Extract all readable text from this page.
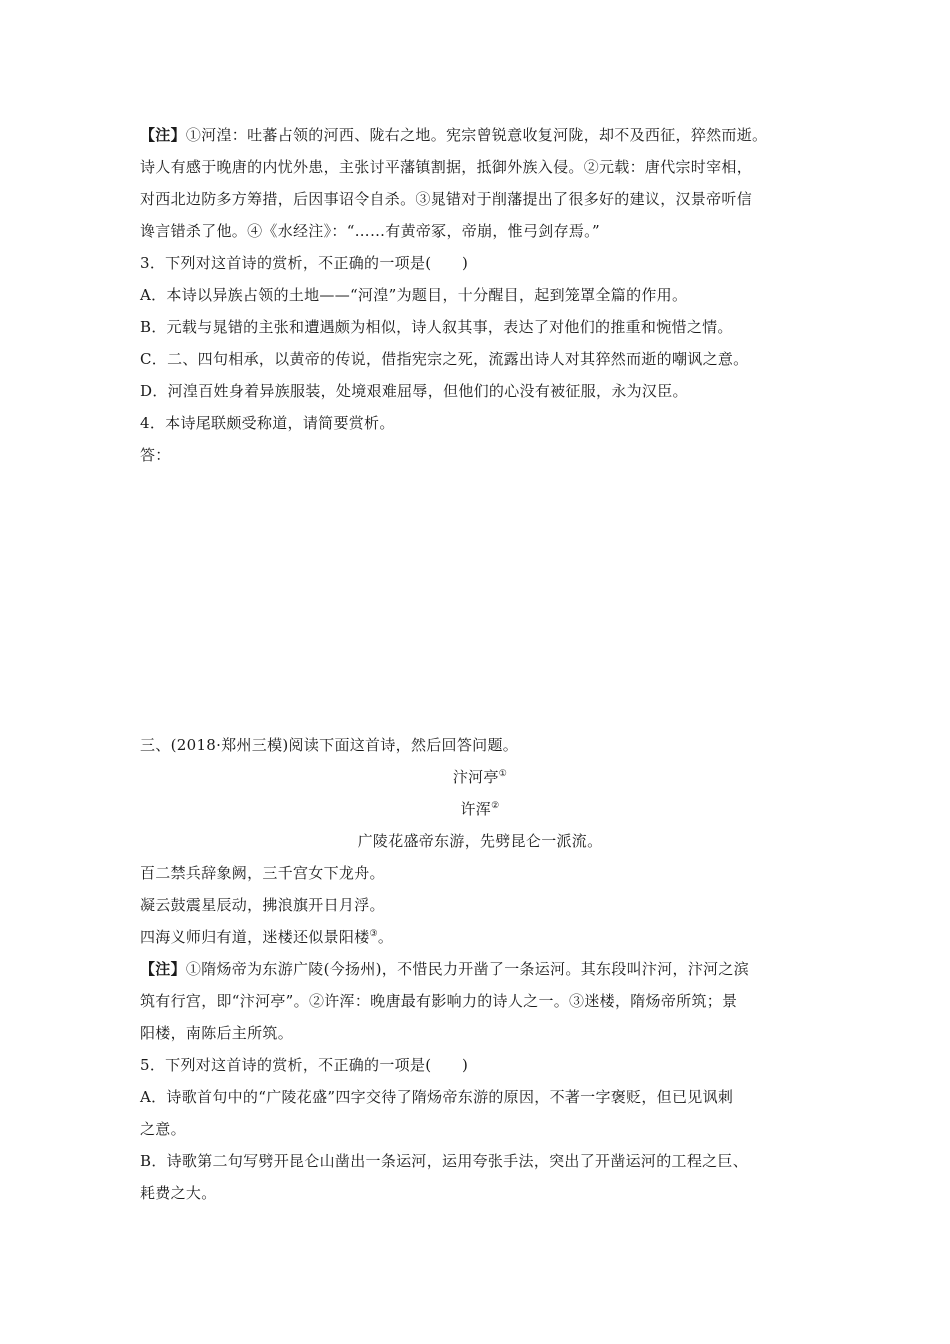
【注】①河湟：吐蕃占领的河西、陇右之地。宪宗曾锐意收复河陇，却不及西征，猝然而逝。
诗人有感于晚唐的内忧外患，主张讨平藩镇割据，抵御外族入侵。②元载：唐代宗时宰相，
对西北边防多方筹措，后因事诏令自杀。③晁错对于削藩提出了很多好的建议，汉景帝听信
谗言错杀了他。④《水经注》：“……有黄帝冢，帝崩，惟弓剑存焉。”
3．下列对这首诗的赏析，不正确的一项是(　　)
A．本诗以异族占领的土地——“河湟”为题目，十分醒目，起到笼罩全篇的作用。
B．元载与晁错的主张和遭遇颇为相似，诗人叙其事，表达了对他们的推重和惋惜之情。
C．二、四句相承，以黄帝的传说，借指宪宗之死，流露出诗人对其猝然而逝的嘲讽之意。
D．河湟百姓身着异族服装，处境艰难屈辱，但他们的心没有被征服，永为汉臣。
4．本诗尾联颇受称道，请简要赏析。
答：
三、(2018·郑州三模)阅读下面这首诗，然后回答问题。
汴河亭①
许浑②
广陵花盛帝东游，先劈昆仑一派流。
百二禁兵辞象阙，三千宫女下龙舟。
凝云鼓震星辰动，拂浪旗开日月浮。
四海义师归有道，迷楼还似景阳楼③。
【注】①隋炀帝为东游广陵(今扬州)，不惜民力开凿了一条运河。其东段叫汴河，汴河之滨
筑有行宫，即“汴河亭”。②许浑：晚唐最有影响力的诗人之一。③迷楼，隋炀帝所筑；景
阳楼，南陈后主所筑。
5．下列对这首诗的赏析，不正确的一项是(　　)
A．诗歌首句中的“广陵花盛”四字交待了隋炀帝东游的原因，不著一字褒贬，但已见讽刺
之意。
B．诗歌第二句写劈开昆仑山凿出一条运河，运用夸张手法，突出了开凿运河的工程之巨、
耗费之大。
